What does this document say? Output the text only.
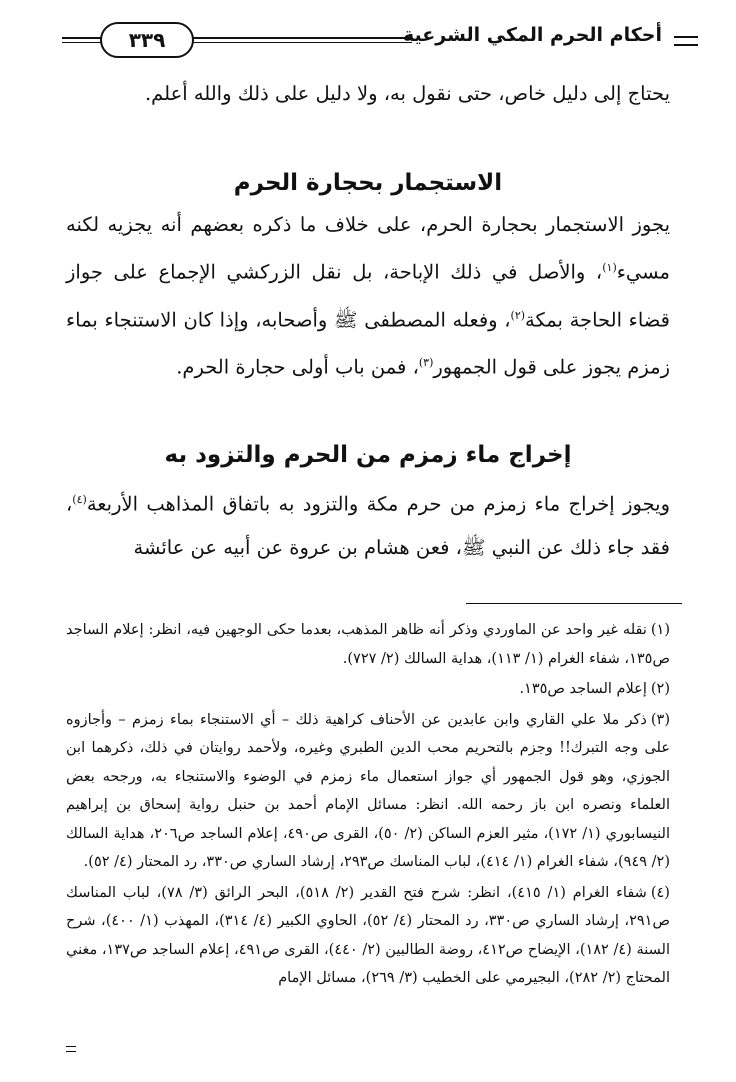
٣٣٩	أحكام الحرم المكي الشرعية

يحتاج إلى دليل خاص، حتى نقول به، ولا دليل على ذلك والله أعلم.

الاستجمار بحجارة الحرم

يجوز الاستجمار بحجارة الحرم، على خلاف ما ذكره بعضهم أنه يجزيه لكنه مسيء$^{(١)}$، والأصل في ذلك الإباحة، بل نقل الزركشي الإجماع على جواز قضاء الحاجة بمكة$^{(٢)}$، وفعله المصطفى ﷺ وأصحابه، وإذا كان الاستنجاء بماء زمزم يجوز على قول الجمهور$^{(٣)}$، فمن باب أولى حجارة الحرم.

إخراج ماء زمزم من الحرم والتزود به

ويجوز إخراج ماء زمزم من حرم مكة والتزود به باتفاق المذاهب الأربعة$^{(٤)}$، فقد جاء ذلك عن النبي ﷺ، فعن هشام بن عروة عن أبيه عن عائشة

(١)نقله غير واحد عن الماوردي وذكر أنه ظاهر المذهب، بعدما حكى الوجهين فيه، انظر: إعلام الساجد ص١٣٥، شفاء الغرام (١/ ١١٣)، هداية السالك (٢/ ٧٢٧).

(٢)إعلام الساجد ص١٣٥.

(٣)ذكر ملا علي القاري وابن عابدين عن الأحناف كراهية ذلك – أي الاستنجاء بماء زمزم – وأجازوه على وجه التبرك!! وجزم بالتحريم محب الدين الطبري وغيره، ولأحمد روايتان في ذلك، ذكرهما ابن الجوزي، وهو قول الجمهور أي جواز استعمال ماء زمزم في الوضوء والاستنجاء به، ورجحه بعض العلماء ونصره ابن باز رحمه الله. انظر: مسائل الإمام أحمد بن حنبل رواية إسحاق بن إبراهيم النيسابوري (١/ ١٧٢)، مثير العزم الساكن (٢/ ٥٠)، القرى ص٤٩٠، إعلام الساجد ص٢٠٦، هداية السالك (٢/ ٩٤٩)، شفاء الغرام (١/ ٤١٤)، لباب المناسك ص٢٩٣، إرشاد الساري ص٣٣٠، رد المحتار (٤/ ٥٢).

(٤)شفاء الغرام (١/ ٤١٥)، انظر: شرح فتح القدير (٢/ ٥١٨)، البحر الرائق (٣/ ٧٨)، لباب المناسك ص٢٩١، إرشاد الساري ص٣٣٠، رد المحتار (٤/ ٥٢)، الحاوي الكبير (٤/ ٣١٤)، المهذب (١/ ٤٠٠)، شرح السنة (٤/ ١٨٢)، الإيضاح ص٤١٢، روضة الطالبين (٢/ ٤٤٠)، القرى ص٤٩١، إعلام الساجد ص١٣٧، مغني المحتاج (٢/ ٢٨٢)، البجيرمي على الخطيب (٣/ ٢٦٩)، مسائل الإمام
